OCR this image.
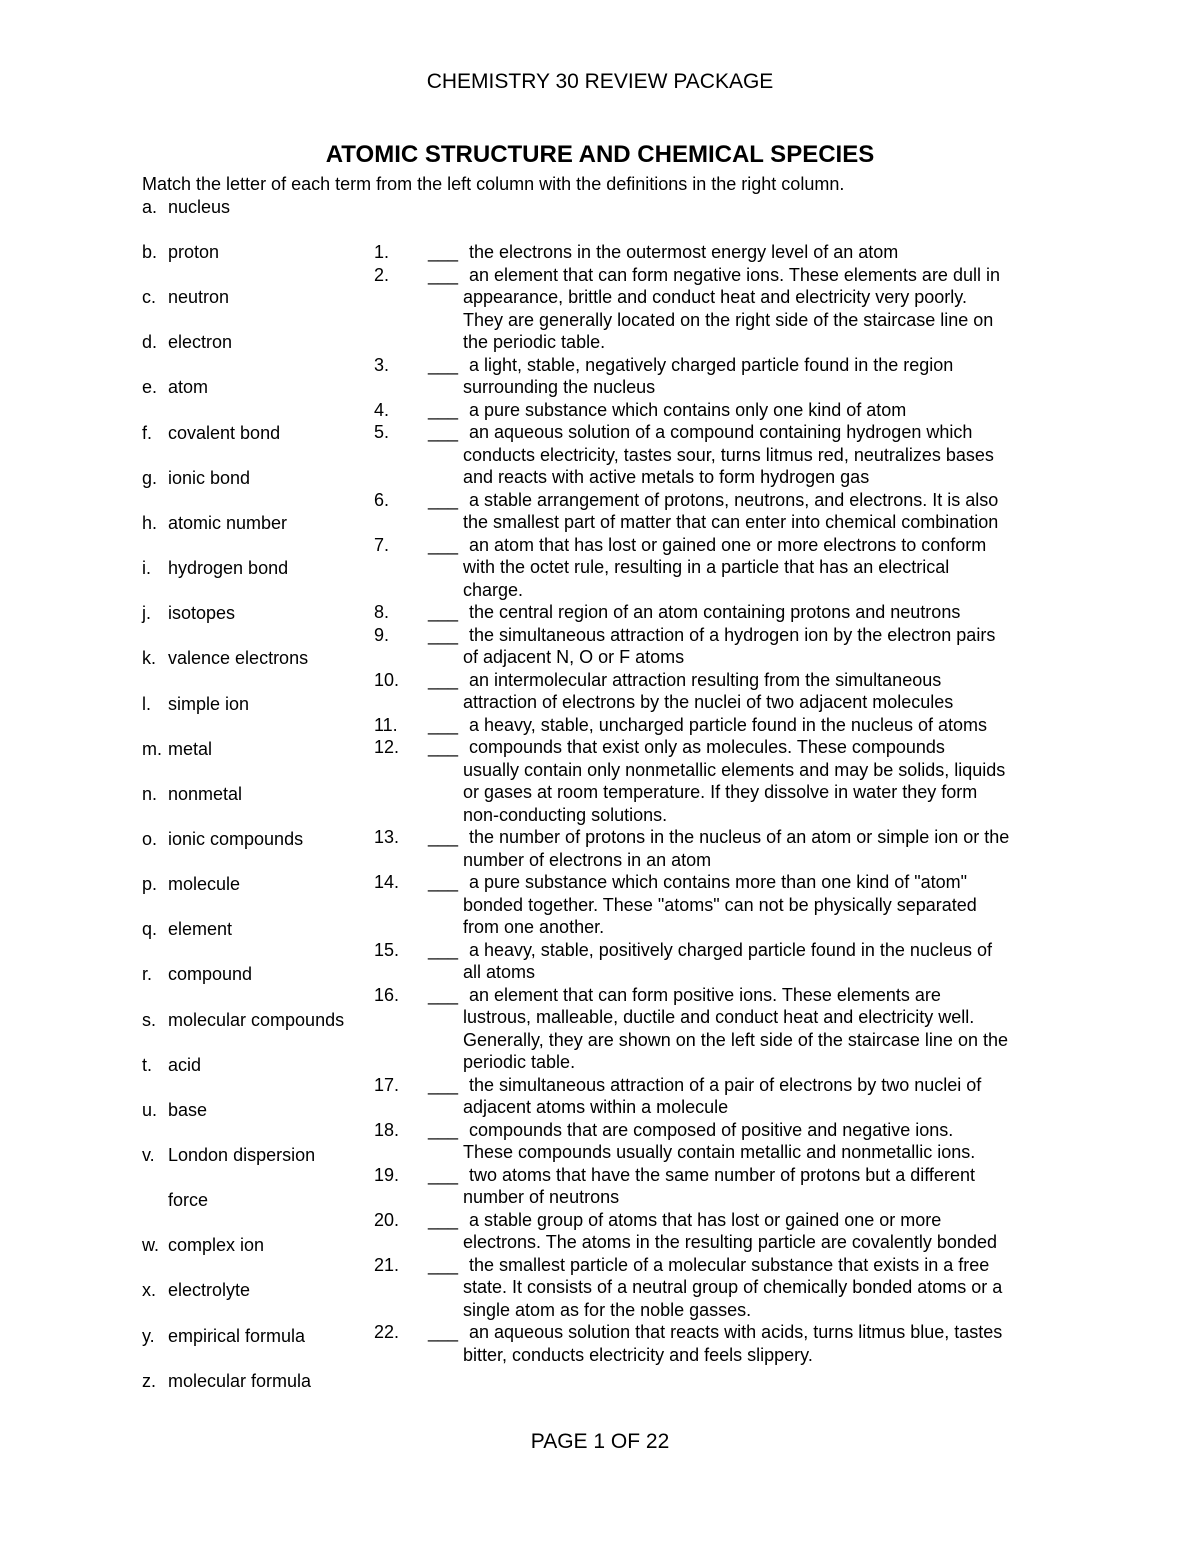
CHEMISTRY 30 REVIEW PACKAGE
ATOMIC STRUCTURE AND CHEMICAL SPECIES
Match the letter of each term from the left column with the definitions in the right column.
a. nucleus
b. proton
c. neutron
d. electron
e. atom
f. covalent bond
g. ionic bond
h. atomic number
i. hydrogen bond
j. isotopes
k. valence electrons
l. simple ion
m. metal
n. nonmetal
o. ionic compounds
p. molecule
q. element
r. compound
s. molecular compounds
t. acid
u. base
v. London dispersion
force
w. complex ion
x. electrolyte
y. empirical formula
z. molecular formula
1.	___ the electrons in the outermost energy level of an atom
2.	___ an element that can form negative ions. These elements are dull in
appearance, brittle and conduct heat and electricity very poorly.
They are generally located on the right side of the staircase line on
the periodic table.
3.	___ a light, stable, negatively charged particle found in the region
surrounding the nucleus
4.	___ a pure substance which contains only one kind of atom
5.	___ an aqueous solution of a compound containing hydrogen which
conducts electricity, tastes sour, turns litmus red, neutralizes bases
and reacts with active metals to form hydrogen gas
6.	___ a stable arrangement of protons, neutrons, and electrons. It is also
the smallest part of matter that can enter into chemical combination
7.	___ an atom that has lost or gained one or more electrons to conform
with the octet rule, resulting in a particle that has an electrical
charge.
8.	___ the central region of an atom containing protons and neutrons
9.	___ the simultaneous attraction of a hydrogen ion by the electron pairs
of adjacent N, O or F atoms
10.	___ an intermolecular attraction resulting from the simultaneous
attraction of electrons by the nuclei of two adjacent molecules
11.	___ a heavy, stable, uncharged particle found in the nucleus of atoms
12.	___ compounds that exist only as molecules. These compounds
usually contain only nonmetallic elements and may be solids, liquids
or gases at room temperature. If they dissolve in water they form
non-conducting solutions.
13.	___ the number of protons in the nucleus of an atom or simple ion or the
number of electrons in an atom
14.	___ a pure substance which contains more than one kind of "atom"
bonded together. These "atoms" can not be physically separated
from one another.
15.	___ a heavy, stable, positively charged particle found in the nucleus of
all atoms
16.	___ an element that can form positive ions. These elements are
lustrous, malleable, ductile and conduct heat and electricity well.
Generally, they are shown on the left side of the staircase line on the
periodic table.
17.	___ the simultaneous attraction of a pair of electrons by two nuclei of
adjacent atoms within a molecule
18.	___ compounds that are composed of positive and negative ions.
These compounds usually contain metallic and nonmetallic ions.
19.	___ two atoms that have the same number of protons but a different
number of neutrons
20.	___ a stable group of atoms that has lost or gained one or more
electrons. The atoms in the resulting particle are covalently bonded
21.	___ the smallest particle of a molecular substance that exists in a free
state. It consists of a neutral group of chemically bonded atoms or a
single atom as for the noble gasses.
22.	___ an aqueous solution that reacts with acids, turns litmus blue, tastes
bitter, conducts electricity and feels slippery.
PAGE 1 OF 22
